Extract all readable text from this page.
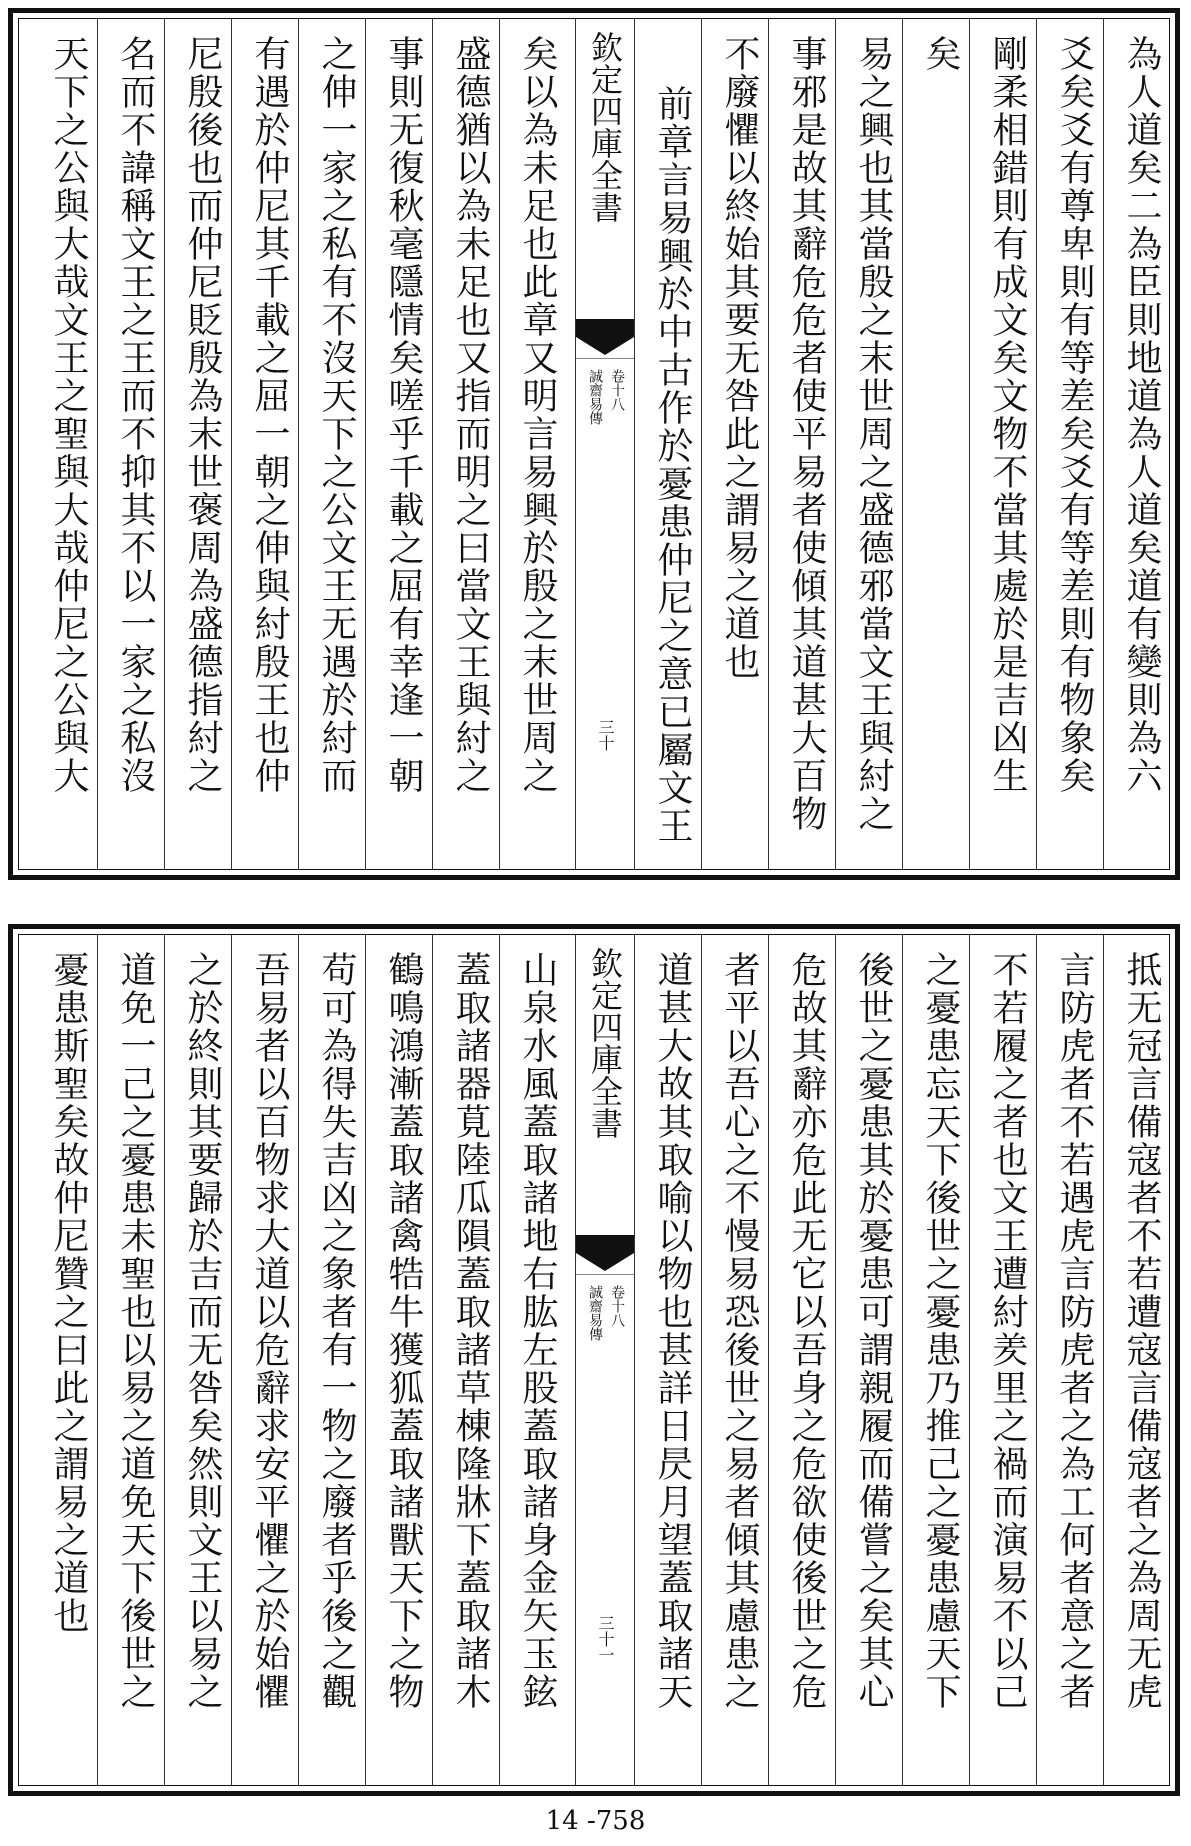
為人道矣二為臣則地道為人道矣道有變則為六
爻矣爻有尊卑則有等差矣爻有等差則有物象矣
剛柔相錯則有成文矣文物不當其處於是吉凶生
矣
易之興也其當殷之末世周之盛德邪當文王與紂之
事邪是故其辭危危者使平易者使傾其道甚大百物
不廢懼以終始其要无咎此之謂易之道也
前章言易興於中古作於憂患仲尼之意已屬文王
欽定四庫全書
誠齋易傳 卷十八
三十
矣以為未足也此章又明言易興於殷之末世周之
盛德猶以為未足也又指而明之曰當文王與紂之
事則无復秋毫隱情矣嗟乎千載之屈有幸逢一朝
之伸一家之私有不沒天下之公文王无遇於紂而
有遇於仲尼其千載之屈一朝之伸與紂殷王也仲
尼殷後也而仲尼貶殷為末世褒周為盛德指紂之
名而不諱稱文王之王而不抑其不以一家之私沒
天下之公與大哉文王之聖與大哉仲尼之公與大
抵无冠言備寇者不若遭寇言備寇者之為周无虎
言防虎者不若遇虎言防虎者之為工何者意之者
不若履之者也文王遭紂羑里之禍而演易不以己
之憂患忘天下後世之憂患乃推己之憂患慮天下
後世之憂患其於憂患可謂親履而備嘗之矣其心
危故其辭亦危此无它以吾身之危欲使後世之危
者平以吾心之不慢易恐後世之易者傾其慮患之
道甚大故其取喻以物也甚詳日昃月望蓋取諸天
欽定四庫全書
誠齋易傳 卷十八
三十一
山泉水風蓋取諸地右肱左股蓋取諸身金矢玉鉉
蓋取諸器莧陸瓜隕蓋取諸草棟隆牀下蓋取諸木
鶴鳴鴻漸蓋取諸禽牿牛獲狐蓋取諸獸天下之物
苟可為得失吉凶之象者有一物之廢者乎後之觀
吾易者以百物求大道以危辭求安平懼之於始懼
之於終則其要歸於吉而无咎矣然則文王以易之
道免一己之憂患未聖也以易之道免天下後世之
憂患斯聖矣故仲尼贊之曰此之謂易之道也
14 -758
